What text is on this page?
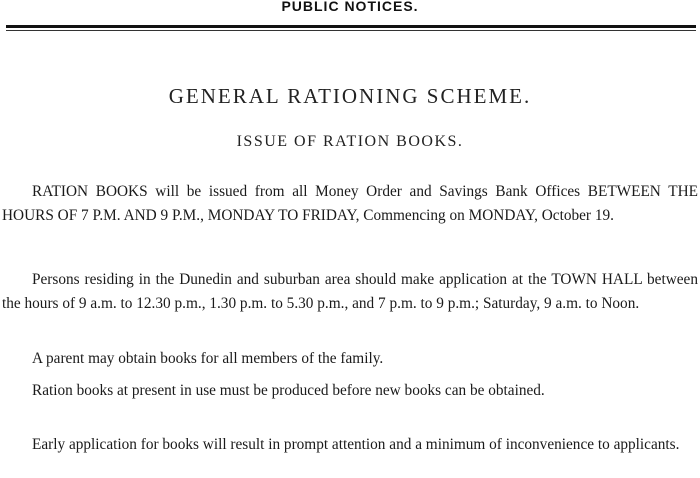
PUBLIC NOTICES.
GENERAL RATIONING SCHEME.
ISSUE OF RATION BOOKS.
RATION BOOKS will be issued from all Money Order and Savings Bank Offices BETWEEN THE HOURS OF 7 P.M. AND 9 P.M., MONDAY TO FRIDAY, Commencing on MONDAY, October 19.
Persons residing in the Dunedin and suburban area should make application at the TOWN HALL between the hours of 9 a.m. to 12.30 p.m., 1.30 p.m. to 5.30 p.m., and 7 p.m. to 9 p.m.; Saturday, 9 a.m. to Noon.
A parent may obtain books for all members of the family.
Ration books at present in use must be produced before new books can be obtained.
Early application for books will result in prompt attention and a minimum of inconvenience to applicants.
